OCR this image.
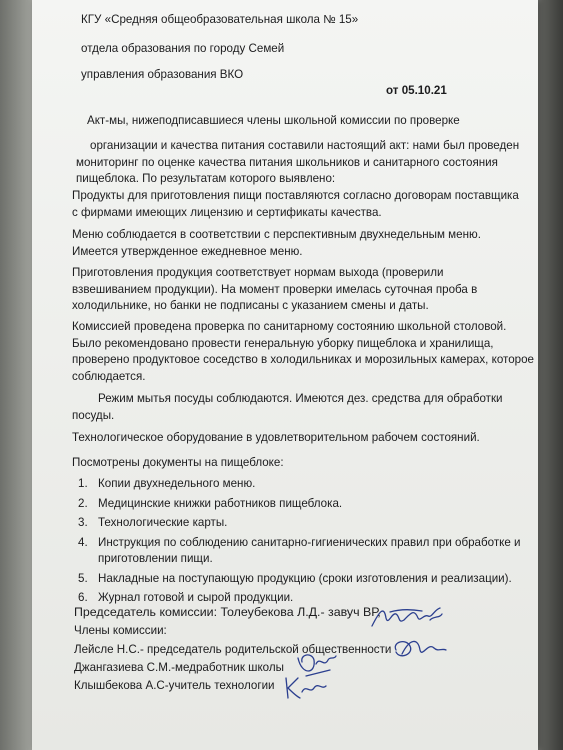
КГУ «Средняя общеобразовательная школа № 15»
отдела образования по городу Семей
управления образования ВКО
от 05.10.21
Акт-мы, нижеподписавшиеся члены школьной комиссии по проверке
организации и качества питания составили настоящий акт: нами был проведен мониторинг по оценке качества питания школьников и санитарного состояния пищеблока. По результатам которого выявлено:
Продукты для приготовления пищи поставляются согласно договорам поставщика с фирмами имеющих лицензию и сертификаты качества.
Меню соблюдается в соответствии с перспективным двухнедельным меню. Имеется утвержденное ежедневное меню.
Приготовления продукция соответствует нормам выхода (проверили взвешиванием продукции). На момент проверки имелась суточная проба в холодильнике, но банки не подписаны с указанием смены и даты.
Комиссией проведена проверка по санитарному состоянию школьной столовой. Было рекомендовано провести генеральную уборку пищеблока и хранилища, проверено продуктовое соседство в холодильниках и морозильных камерах, которое соблюдается.
Режим мытья посуды соблюдаются. Имеются дез. средства для обработки посуды.
Технологическое оборудование в удовлетворительном рабочем состояний.
Посмотрены документы на пищеблоке:
1. Копии двухнедельного меню.
2. Медицинские книжки работников пищеблока.
3. Технологические карты.
4. Инструкция по соблюдению санитарно-гигиенических правил при обработке и приготовлении пищи.
5. Накладные на поступающую продукцию (сроки изготовления и реализации).
6. Журнал готовой и сырой продукции.
Председатель комиссии: Толеубекова Л.Д.- завуч ВР,
Члены комиссии:
Лейсле Н.С.- председатель родительской общественности
Джангазиева С.М.-медработник школы
Клышбекова А.С-учитель технологии
